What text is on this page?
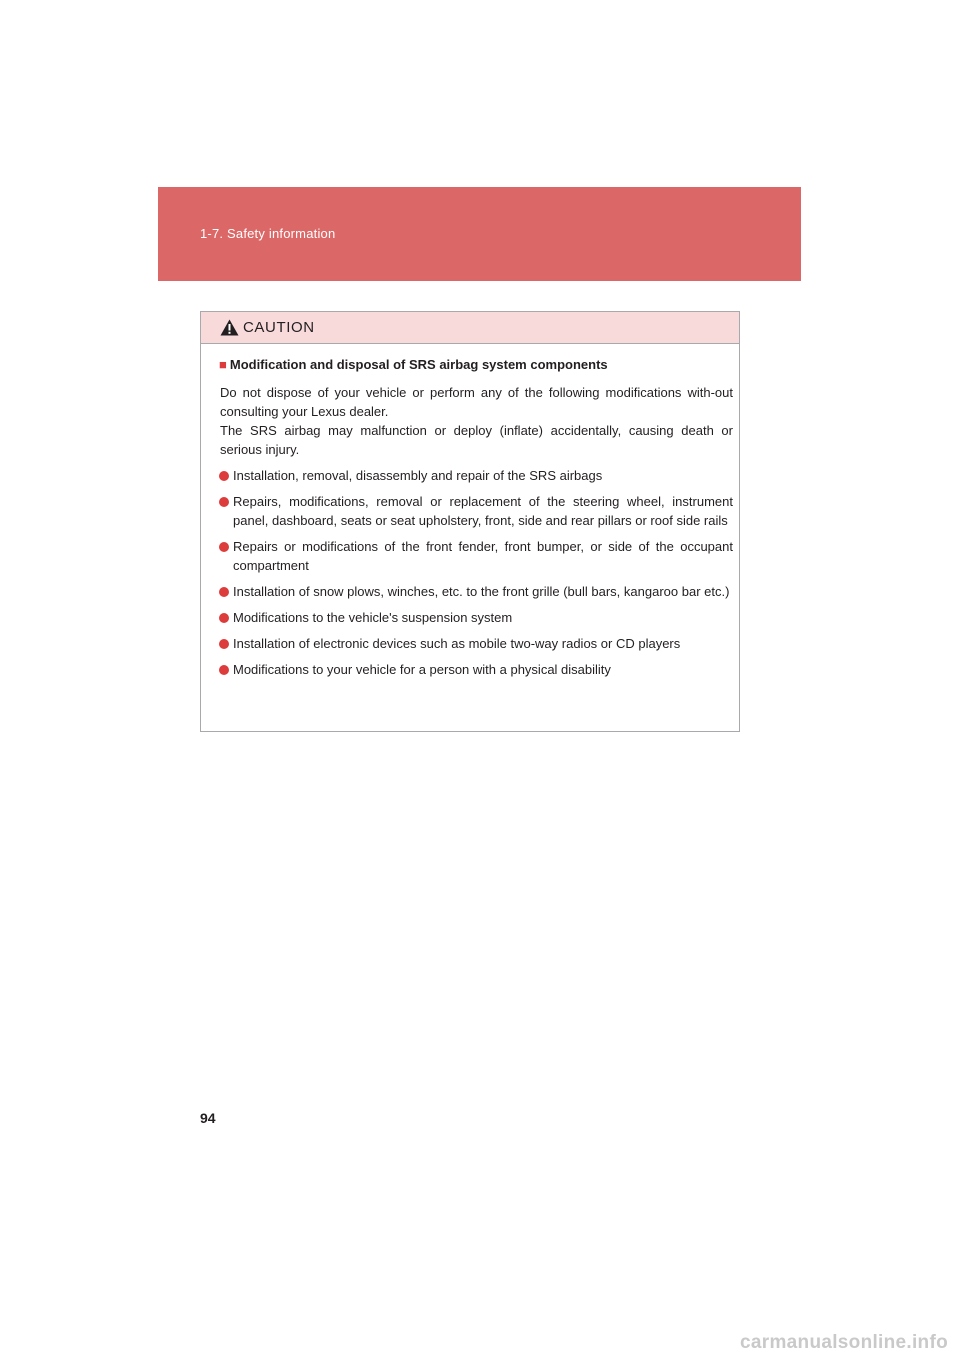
1-7. Safety information
CAUTION

■ Modification and disposal of SRS airbag system components

Do not dispose of your vehicle or perform any of the following modifications with-out consulting your Lexus dealer.

The SRS airbag may malfunction or deploy (inflate) accidentally, causing death or serious injury.

Installation, removal, disassembly and repair of the SRS airbags
Repairs, modifications, removal or replacement of the steering wheel, instrument panel, dashboard, seats or seat upholstery, front, side and rear pillars or roof side rails
Repairs or modifications of the front fender, front bumper, or side of the occupant compartment
Installation of snow plows, winches, etc. to the front grille (bull bars, kangaroo bar etc.)
Modifications to the vehicle's suspension system
Installation of electronic devices such as mobile two-way radios or CD players
Modifications to your vehicle for a person with a physical disability
94
carmanualsonline.info
